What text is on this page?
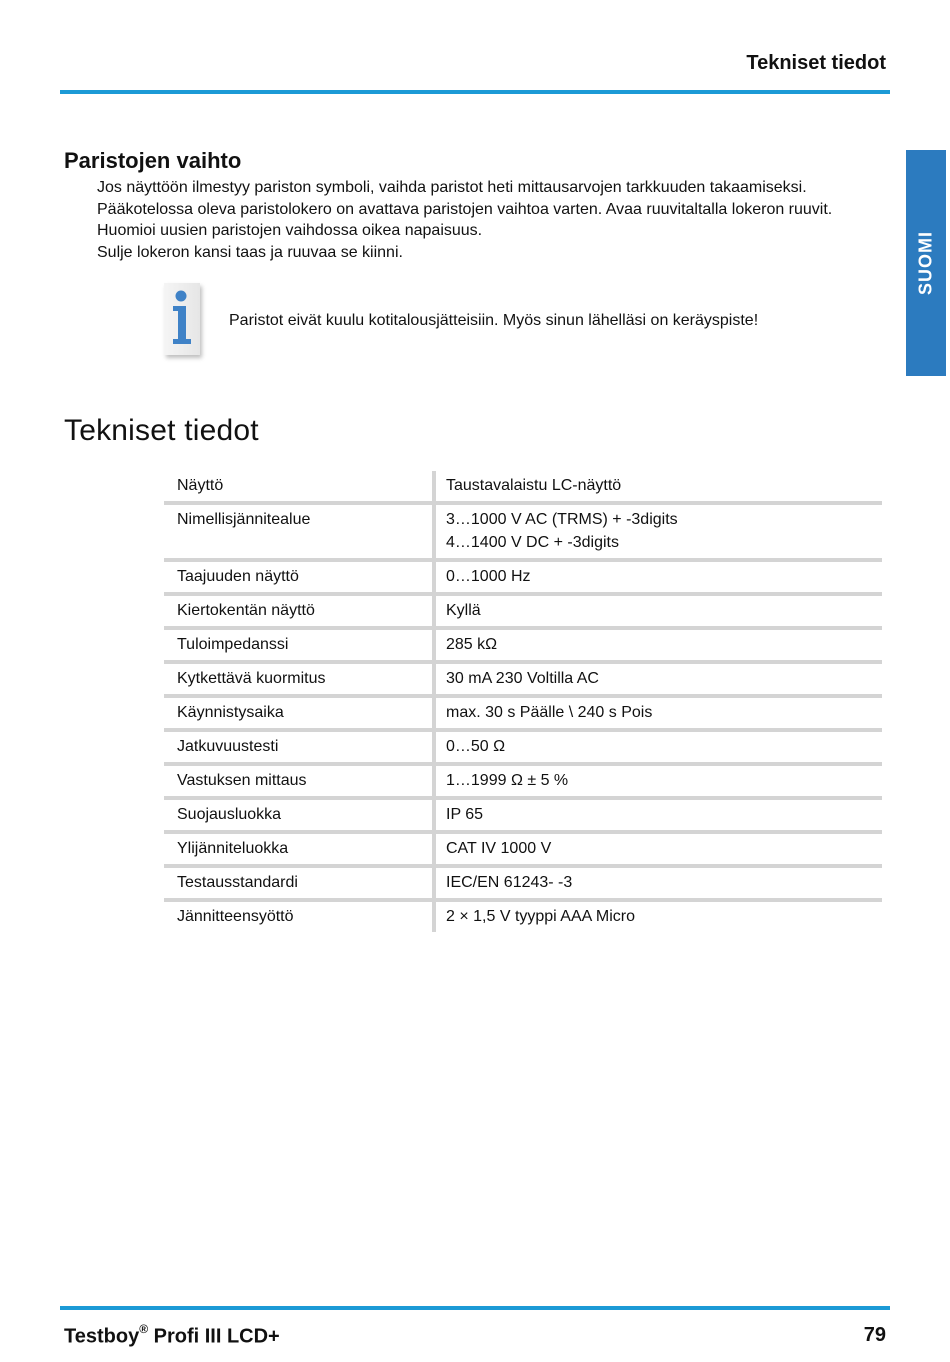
Tekniset tiedot
SUOMI
Paristojen vaihto

Jos näyttöön ilmestyy pariston symboli, vaihda paristot heti mittausarvojen tarkkuuden takaamiseksi.

Pääkotelossa oleva paristolokero on avattava paristojen vaihtoa varten. Avaa ruuvitaltalla lokeron ruuvit. Huomioi uusien paristojen vaihdossa oikea napaisuus.

Sulje lokeron kansi taas ja ruuvaa se kiinni.

Paristot eivät kuulu kotitalousjätteisiin. Myös sinun lähelläsi on keräyspiste!
Tekniset tiedot
Näyttö	Taustavalaistu LC-näyttö

Nimellisjännitealue	3…1000 V AC (TRMS) + -3digits
4…1400 V DC + -3digits

Taajuuden näyttö	0…1000 Hz

Kiertokentän näyttö	Kyllä

Tuloimpedanssi	285 kΩ

Kytkettävä kuormitus	30 mA 230 Voltilla AC

Käynnistysaika	max. 30 s Päälle \ 240 s Pois

Jatkuvuustesti	0…50 Ω

Vastuksen mittaus	1…1999 Ω ± 5 %

Suojausluokka	IP 65

Ylijänniteluokka	CAT IV 1000 V

Testausstandardi	IEC/EN 61243- -3

Jännitteensyöttö	2 × 1,5 V tyyppi AAA Micro
Testboy® Profi III LCD+	79
